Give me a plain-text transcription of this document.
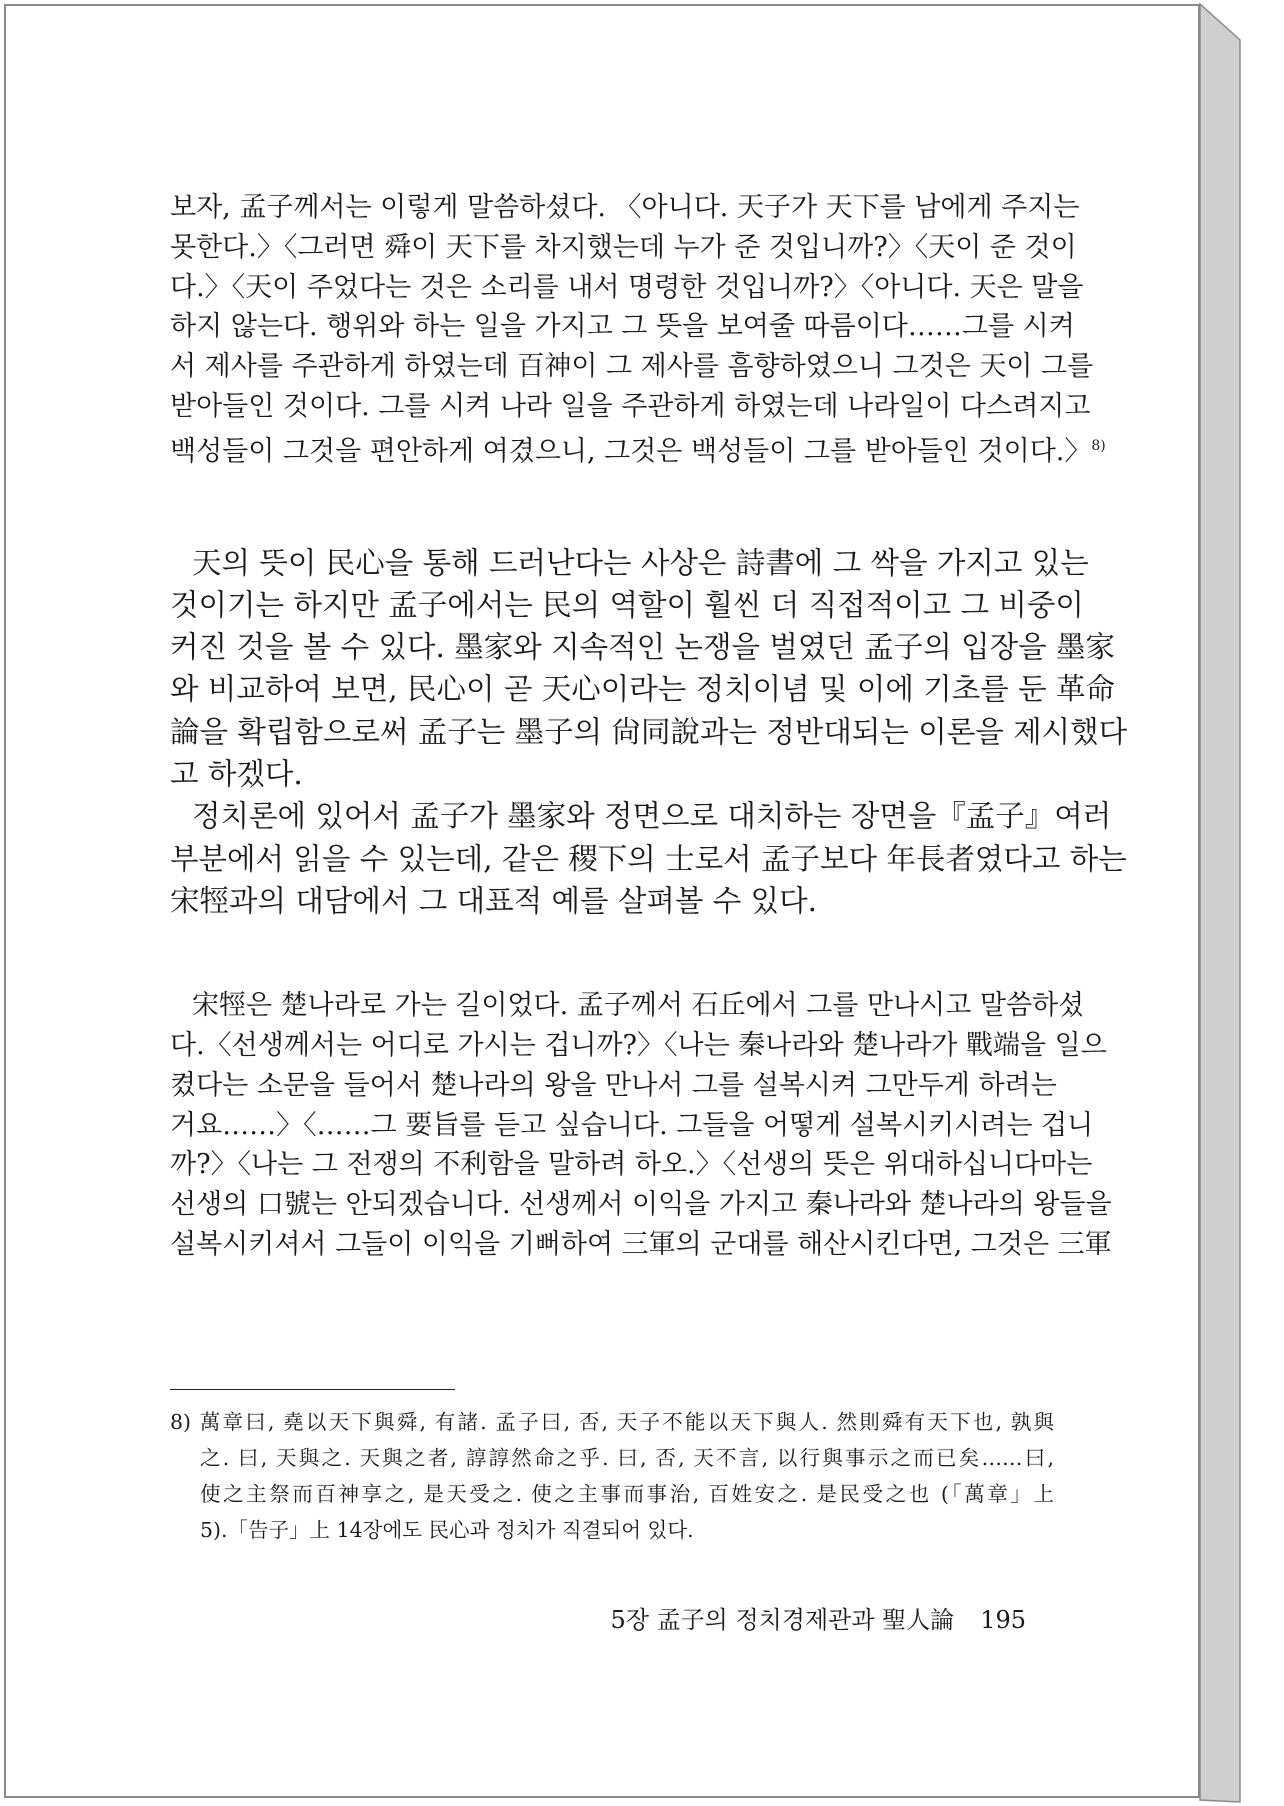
보자, 孟子께서는 이렇게 말씀하셨다. 〈아니다. 天子가 天下를 남에게 주지는
못한다.〉〈그러면 舜이 天下를 차지했는데 누가 준 것입니까?〉〈天이 준 것이
다.〉〈天이 주었다는 것은 소리를 내서 명령한 것입니까?〉〈아니다. 天은 말을
하지 않는다. 행위와 하는 일을 가지고 그 뜻을 보여줄 따름이다……그를 시켜
서 제사를 주관하게 하였는데 百神이 그 제사를 흠향하였으니 그것은 天이 그를
받아들인 것이다. 그를 시켜 나라 일을 주관하게 하였는데 나라일이 다스려지고
백성들이 그것을 편안하게 여겼으니, 그것은 백성들이 그를 받아들인 것이다.〉$^{8)}$
天의 뜻이 民心을 통해 드러난다는 사상은 詩書에 그 싹을 가지고 있는
것이기는 하지만 孟子에서는 民의 역할이 훨씬 더 직접적이고 그 비중이
커진 것을 볼 수 있다. 墨家와 지속적인 논쟁을 벌였던 孟子의 입장을 墨家
와 비교하여 보면, 民心이 곧 天心이라는 정치이념 및 이에 기초를 둔 革命
論을 확립함으로써 孟子는 墨子의 尙同說과는 정반대되는 이론을 제시했다
고 하겠다.
정치론에 있어서 孟子가 墨家와 정면으로 대치하는 장면을『孟子』여러
부분에서 읽을 수 있는데, 같은 稷下의 士로서 孟子보다 年長者였다고 하는
宋牼과의 대담에서 그 대표적 예를 살펴볼 수 있다.
宋牼은 楚나라로 가는 길이었다. 孟子께서 石丘에서 그를 만나시고 말씀하셨
다.〈선생께서는 어디로 가시는 겁니까?〉〈나는 秦나라와 楚나라가 戰端을 일으
켰다는 소문을 들어서 楚나라의 왕을 만나서 그를 설복시켜 그만두게 하려는
거요……〉〈……그 要旨를 듣고 싶습니다. 그들을 어떻게 설복시키시려는 겁니
까?〉〈나는 그 전쟁의 不利함을 말하려 하오.〉〈선생의 뜻은 위대하십니다마는
선생의 口號는 안되겠습니다. 선생께서 이익을 가지고 秦나라와 楚나라의 왕들을
설복시키셔서 그들이 이익을 기뻐하여 三軍의 군대를 해산시킨다면, 그것은 三軍
8) 萬章曰, 堯以天下與舜, 有諸. 孟子曰, 否, 天子不能以天下與人. 然則舜有天下也, 孰與
之. 曰, 天與之. 天與之者, 諄諄然命之乎. 曰, 否, 天不言, 以行與事示之而已矣……曰,
使之主祭而百神享之, 是天受之. 使之主事而事治, 百姓安之. 是民受之也 (「萬章」上
5).「告子」上 14장에도 民心과 정치가 직결되어 있다.
5장 孟子의 정치경제관과 聖人論 195
